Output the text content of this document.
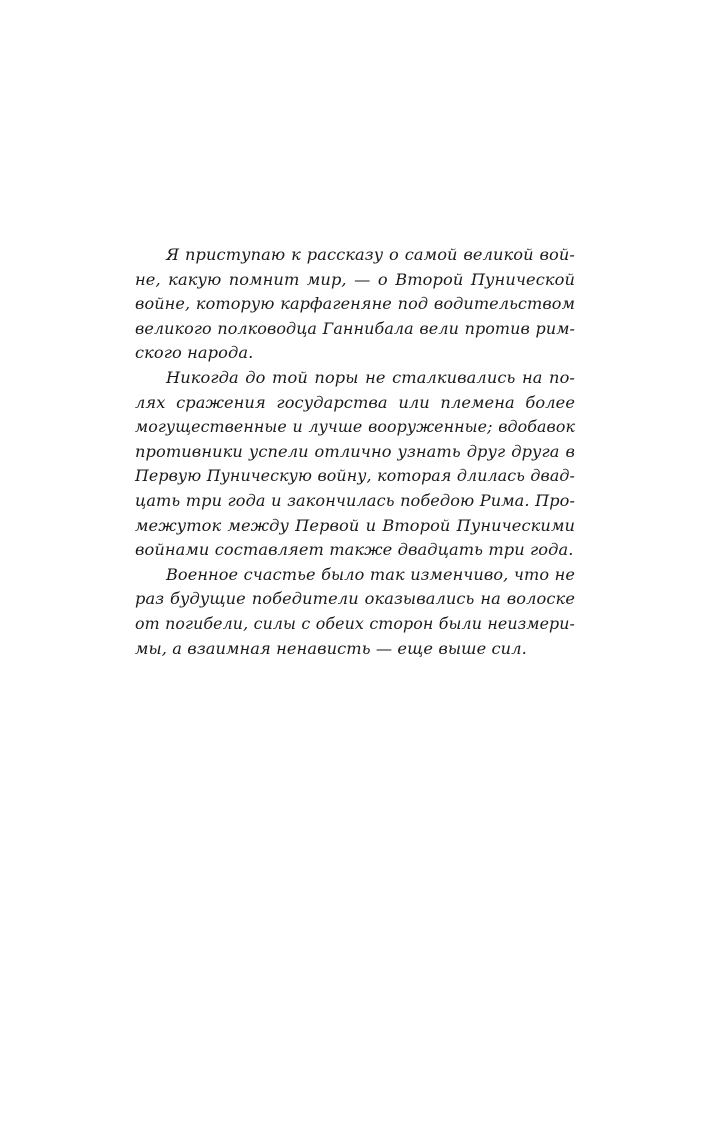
Я приступаю к рассказу о самой великой вой-
не, какую помнит мир, — о Второй Пунической
войне, которую карфагеняне под водительством
великого полководца Ганнибала вели против рим-
ского народа.
Никогда до той поры не сталкивались на по-
лях сражения государства или племена более
могущественные и лучше вооруженные; вдобавок
противники успели отлично узнать друг друга в
Первую Пуническую войну, которая длилась двад-
цать три года и закончилась победою Рима. Про-
межуток между Первой и Второй Пуническими
войнами составляет также двадцать три года.
Военное счастье было так изменчиво, что не
раз будущие победители оказывались на волоске
от погибели, силы с обеих сторон были неизмери-
мы, а взаимная ненависть — еще выше сил.
